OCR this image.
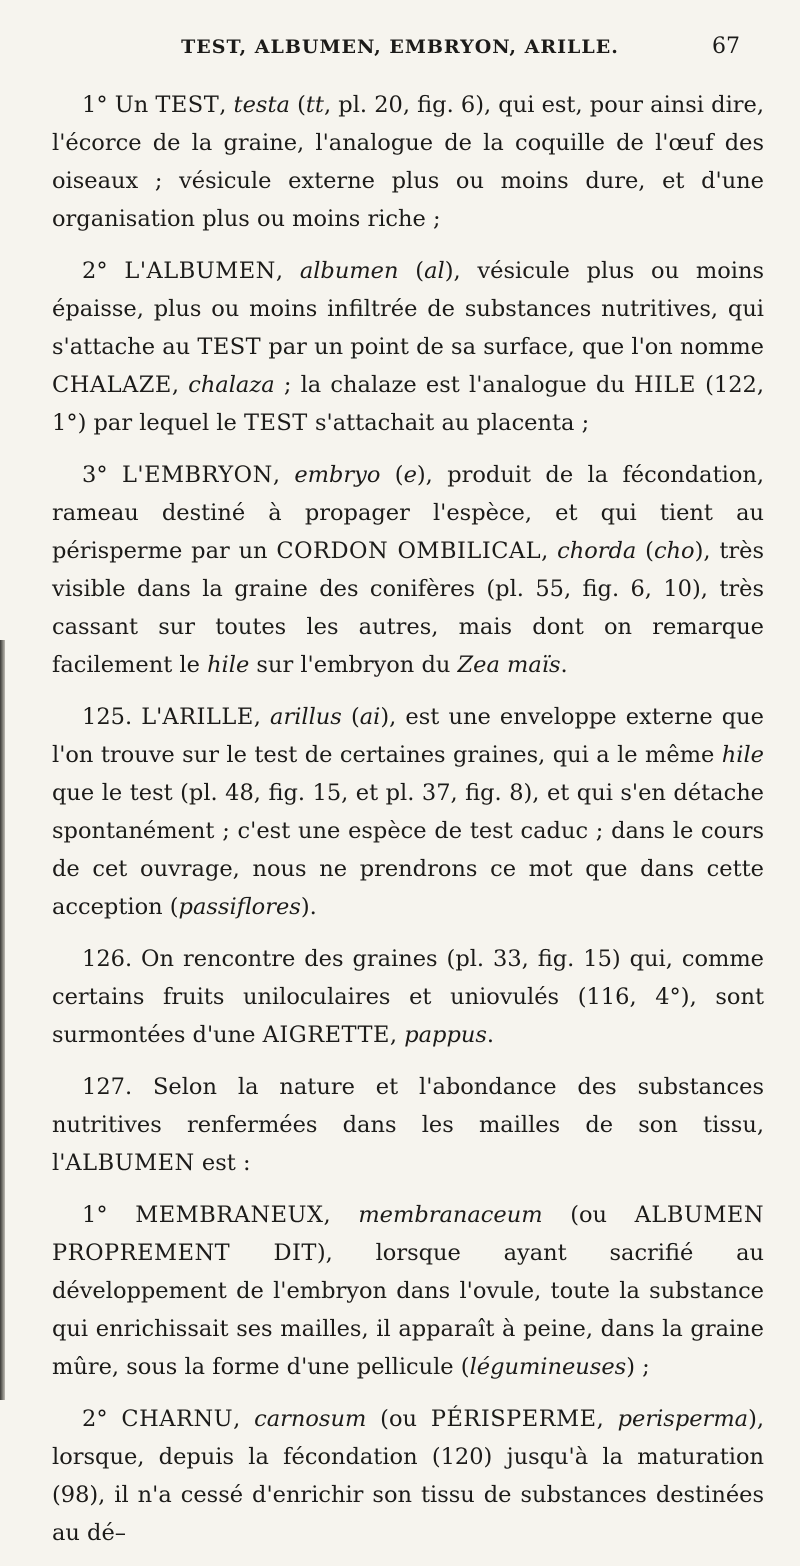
TEST, ALBUMEN, EMBRYON, ARILLE.	67

1° Un TEST, testa (tt, pl. 20, fig. 6), qui est, pour ainsi dire, l'écorce de la graine, l'analogue de la coquille de l'œuf des oiseaux ; vésicule externe plus ou moins dure, et d'une organisation plus ou moins riche ;

2° L'ALBUMEN, albumen (al), vésicule plus ou moins épaisse, plus ou moins infiltrée de substances nutritives, qui s'attache au TEST par un point de sa surface, que l'on nomme CHALAZE, chalaza ; la chalaze est l'analogue du HILE (122, 1°) par lequel le TEST s'attachait au placenta ;

3° L'EMBRYON, embryo (e), produit de la fécondation, rameau destiné à propager l'espèce, et qui tient au périsperme par un CORDON OMBILICAL, chorda (cho), très visible dans la graine des conifères (pl. 55, fig. 6, 10), très cassant sur toutes les autres, mais dont on remarque facilement le hile sur l'embryon du Zea maïs.

125. L'ARILLE, arillus (ai), est une enveloppe externe que l'on trouve sur le test de certaines graines, qui a le même hile que le test (pl. 48, fig. 15, et pl. 37, fig. 8), et qui s'en détache spontanément ; c'est une espèce de test caduc ; dans le cours de cet ouvrage, nous ne prendrons ce mot que dans cette acception (passiflores).

126. On rencontre des graines (pl. 33, fig. 15) qui, comme certains fruits uniloculaires et uniovulés (116, 4°), sont surmontées d'une AIGRETTE, pappus.

127. Selon la nature et l'abondance des substances nutritives renfermées dans les mailles de son tissu, l'ALBUMEN est :

1° MEMBRANEUX, membranaceum (ou ALBUMEN PROPREMENT DIT), lorsque ayant sacrifié au développement de l'embryon dans l'ovule, toute la substance qui enrichissait ses mailles, il apparaît à peine, dans la graine mûre, sous la forme d'une pellicule (légumineuses) ;

2° CHARNU, carnosum (ou PÉRISPERME, perisperma), lorsque, depuis la fécondation (120) jusqu'à la maturation (98), il n'a cessé d'enrichir son tissu de substances destinées au dé–
